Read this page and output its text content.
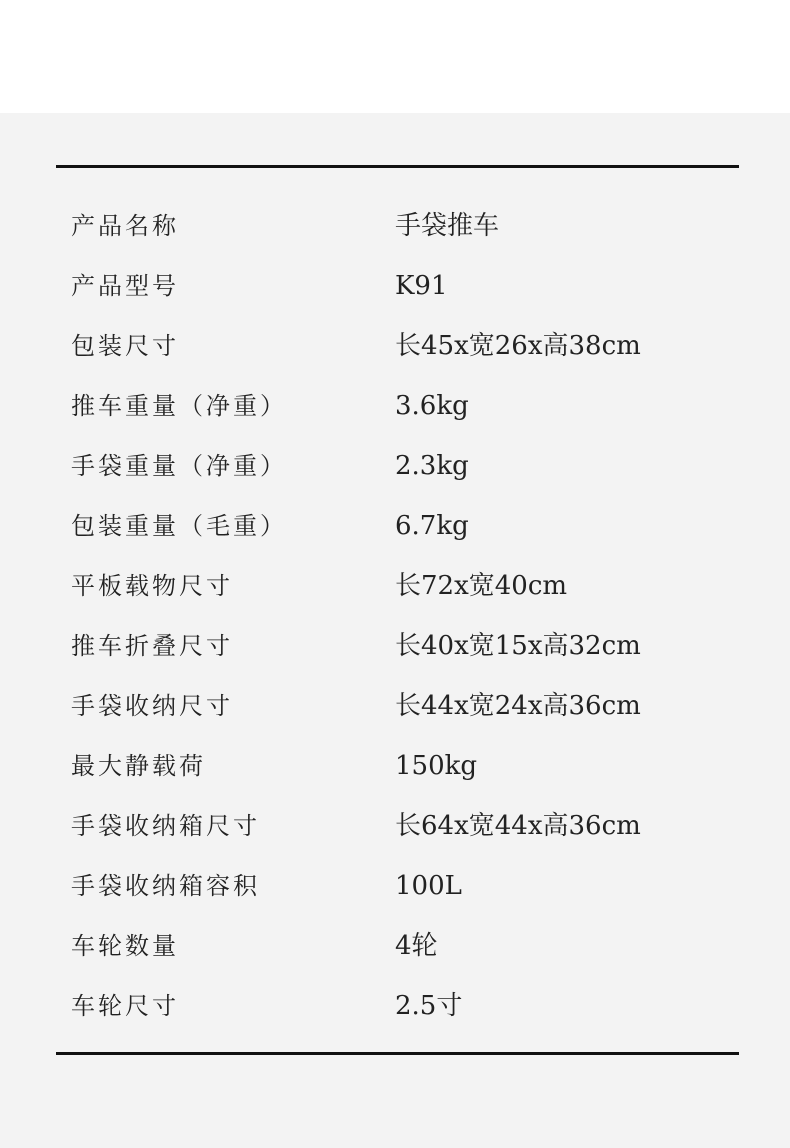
产品名称	手袋推车
产品型号	K91
包装尺寸	长45x宽26x高38cm
推车重量（净重）	3.6kg
手袋重量（净重）	2.3kg
包装重量（毛重）	6.7kg
平板载物尺寸	长72x宽40cm
推车折叠尺寸	长40x宽15x高32cm
手袋收纳尺寸	长44x宽24x高36cm
最大静载荷	150kg
手袋收纳箱尺寸	长64x宽44x高36cm
手袋收纳箱容积	100L
车轮数量	4轮
车轮尺寸	2.5寸
